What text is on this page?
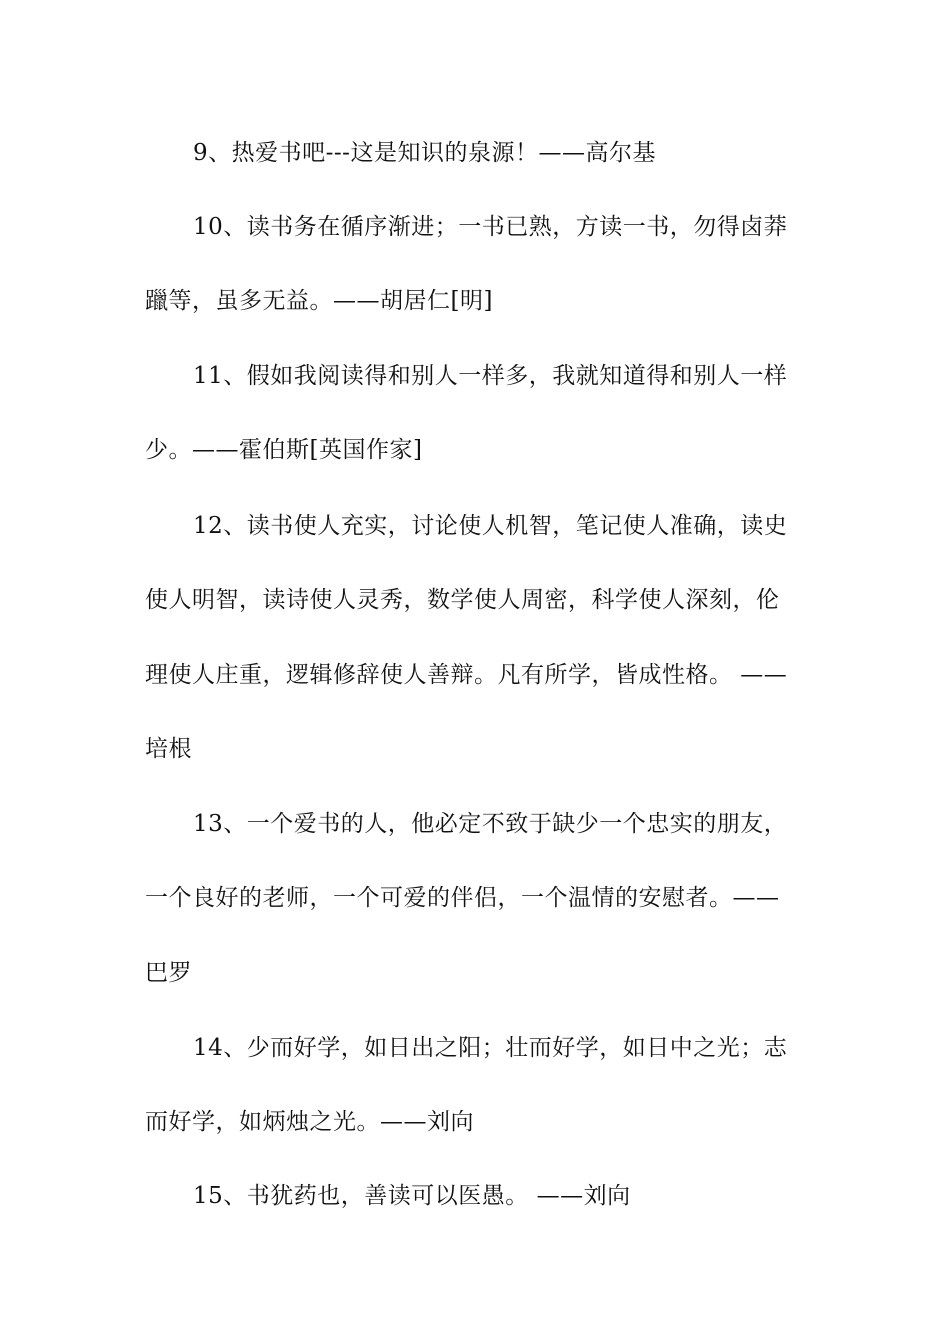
9、热爱书吧---这是知识的泉源！——高尔基
10、读书务在循序渐进；一书已熟，方读一书，勿得卤莽
躐等，虽多无益。——胡居仁[明]
11、假如我阅读得和别人一样多，我就知道得和别人一样
少。——霍伯斯[英国作家]
12、读书使人充实，讨论使人机智，笔记使人准确，读史
使人明智，读诗使人灵秀，数学使人周密，科学使人深刻，伦
理使人庄重，逻辑修辞使人善辩。凡有所学，皆成性格。 ——
培根
13、一个爱书的人，他必定不致于缺少一个忠实的朋友，
一个良好的老师，一个可爱的伴侣，一个温情的安慰者。——
巴罗
14、少而好学，如日出之阳；壮而好学，如日中之光；志
而好学，如炳烛之光。——刘向
15、书犹药也，善读可以医愚。 ——刘向
